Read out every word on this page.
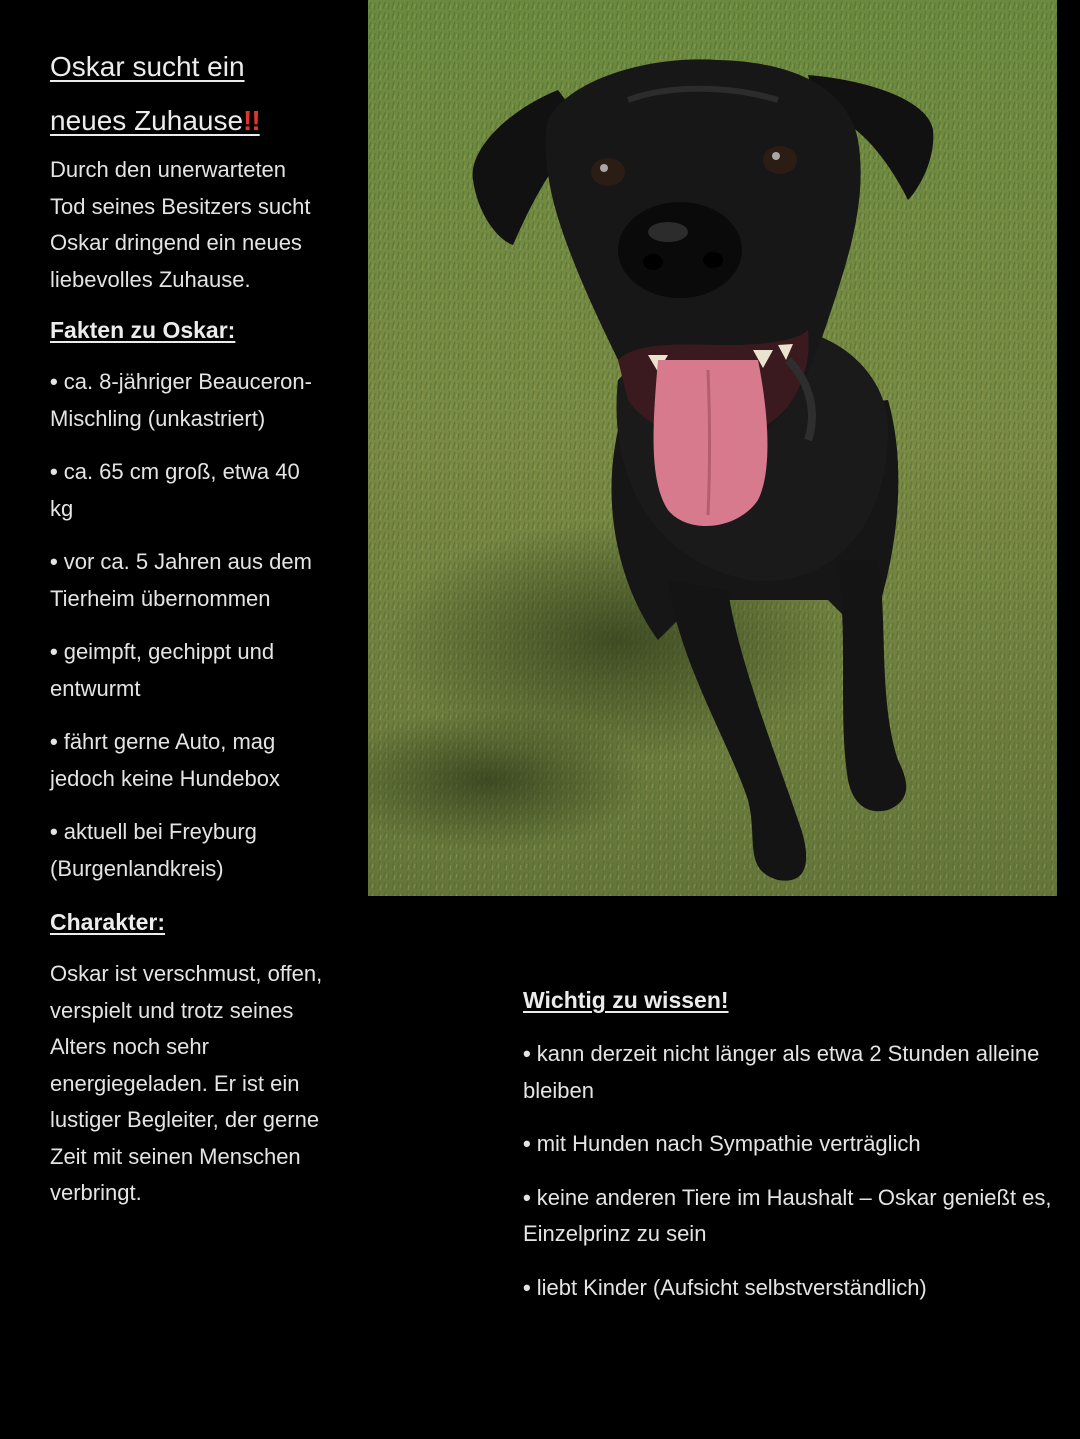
Oskar sucht ein
neues Zuhause!!

Durch den unerwarteten Tod seines Besitzers sucht Oskar dringend ein neues liebevolles Zuhause.

Fakten zu Oskar:
• ca. 8-jähriger Beauceron-Mischling (unkastriert)
• ca. 65 cm groß, etwa 40 kg
• vor ca. 5 Jahren aus dem Tierheim übernommen
• geimpft, gechippt und entwurmt
• fährt gerne Auto, mag jedoch keine Hundebox
• aktuell bei Freyburg (Burgenlandkreis)
Charakter:

Oskar ist verschmust, offen, verspielt und trotz seines Alters noch sehr energiegeladen. Er ist ein lustiger Begleiter, der gerne Zeit mit seinen Menschen verbringt.

Wichtig zu wissen!
• kann derzeit nicht länger als etwa 2 Stunden alleine bleiben
• mit Hunden nach Sympathie verträglich
• keine anderen Tiere im Haushalt – Oskar genießt es, Einzelprinz zu sein
• liebt Kinder (Aufsicht selbstverständlich)
